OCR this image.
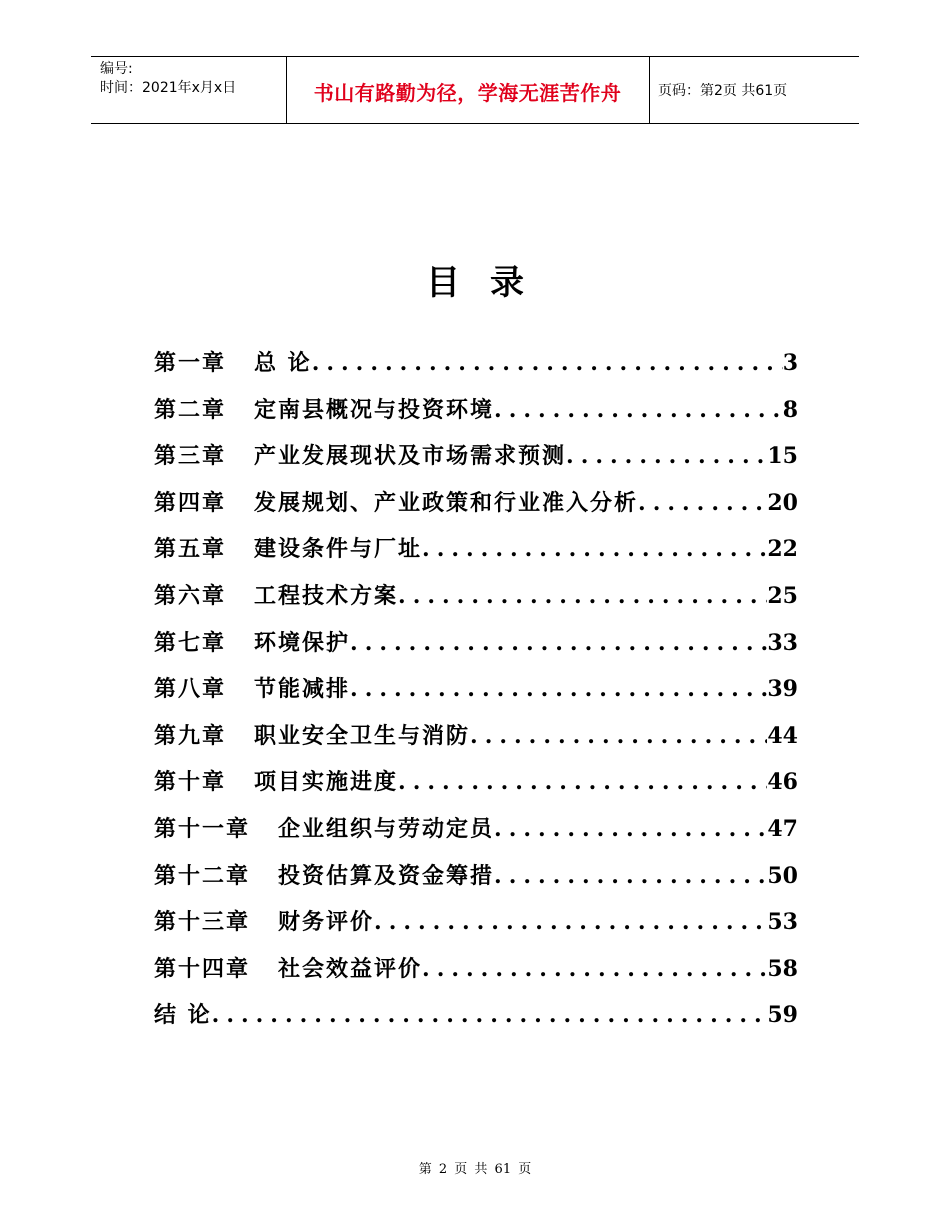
编号:
时间：2021年x月x日	书山有路勤为径，学海无涯苦作舟	页码：第2页 共61页
目录
第一章	总 论 .....	3
第二章	定南县概况与投资环境 .....	8
第三章	产业发展现状及市场需求预测 .....	15
第四章	发展规划、产业政策和行业准入分析 .....	20
第五章	建设条件与厂址 .....	22
第六章	工程技术方案 .....	25
第七章	环境保护 .....	33
第八章	节能减排 .....	39
第九章	职业安全卫生与消防 .....	44
第十章	项目实施进度 .....	46
第十一章	企业组织与劳动定员 .....	47
第十二章	投资估算及资金筹措 .....	50
第十三章	财务评价 .....	53
第十四章	社会效益评价 .....	58
结 论 .....	59
第 2 页 共 61 页
